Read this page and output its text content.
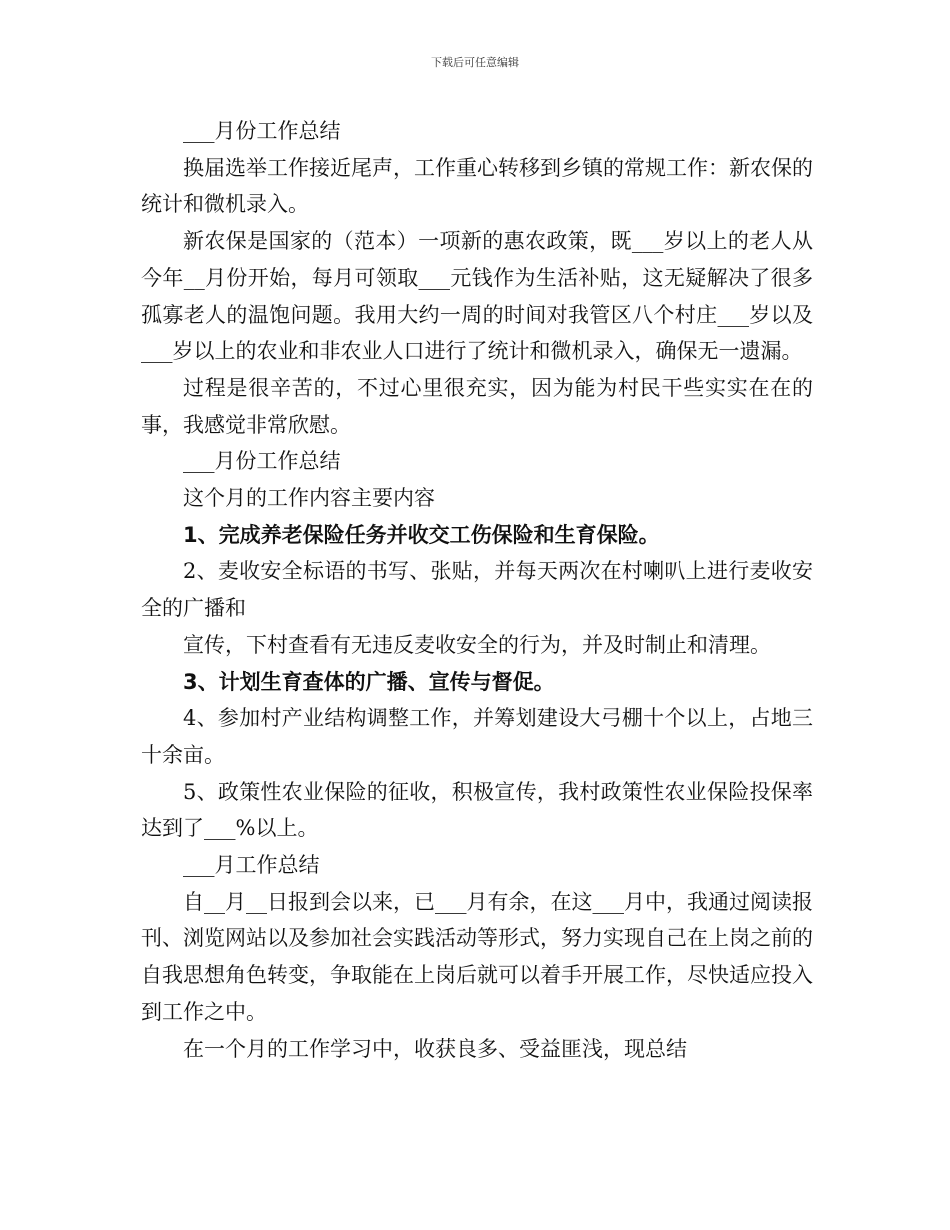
下载后可任意编辑

___月份工作总结

换届选举工作接近尾声，工作重心转移到乡镇的常规工作：新农保的统计和微机录入。

新农保是国家的（范本）一项新的惠农政策，既___岁以上的老人从今年__月份开始，每月可领取___元钱作为生活补贴，这无疑解决了很多孤寡老人的温饱问题。我用大约一周的时间对我管区八个村庄___岁以及___岁以上的农业和非农业人口进行了统计和微机录入，确保无一遗漏。

过程是很辛苦的，不过心里很充实，因为能为村民干些实实在在的事，我感觉非常欣慰。

___月份工作总结

这个月的工作内容主要内容

1、完成养老保险任务并收交工伤保险和生育保险。

2、麦收安全标语的书写、张贴，并每天两次在村喇叭上进行麦收安全的广播和

宣传，下村查看有无违反麦收安全的行为，并及时制止和清理。

3、计划生育查体的广播、宣传与督促。

4、参加村产业结构调整工作，并筹划建设大弓棚十个以上，占地三十余亩。

5、政策性农业保险的征收，积极宣传，我村政策性农业保险投保率达到了___%以上。

___月工作总结

自__月__日报到会以来，已___月有余，在这___月中，我通过阅读报刊、浏览网站以及参加社会实践活动等形式，努力实现自己在上岗之前的自我思想角色转变，争取能在上岗后就可以着手开展工作，尽快适应投入到工作之中。

在一个月的工作学习中，收获良多、受益匪浅，现总结
